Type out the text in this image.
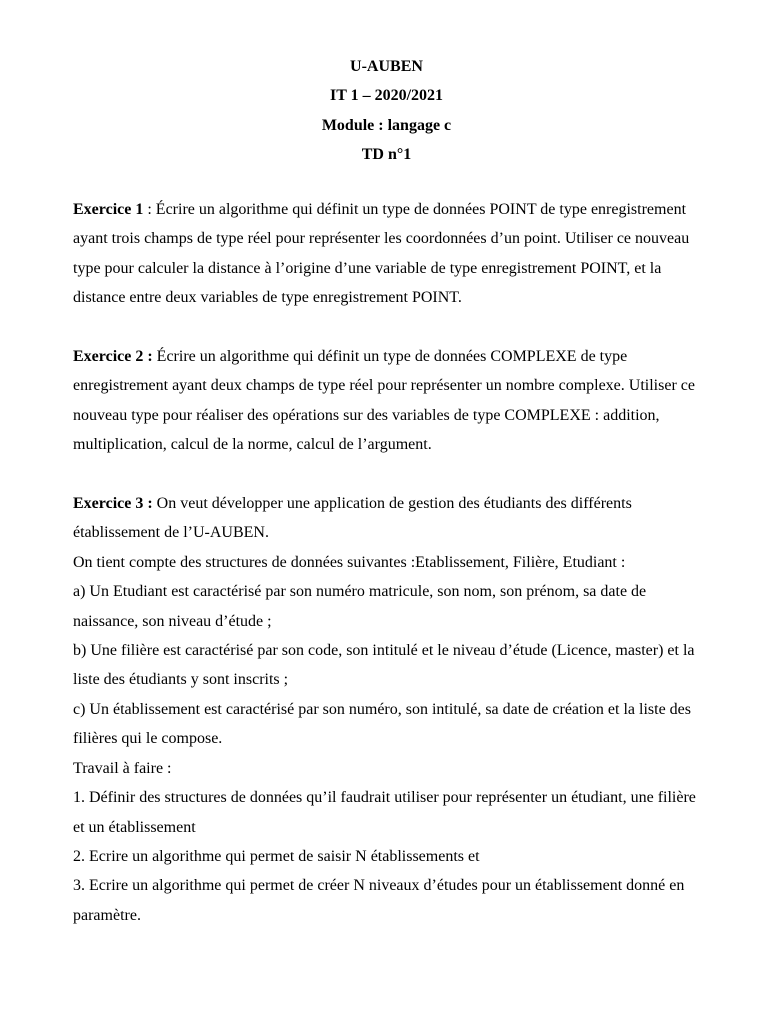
U-AUBEN
IT 1 – 2020/2021
Module : langage c
TD n°1

Exercice 1 : Écrire un algorithme qui définit un type de données POINT de type enregistrement ayant trois champs de type réel pour représenter les coordonnées d’un point. Utiliser ce nouveau type pour calculer la distance à l’origine d’une variable de type enregistrement POINT, et la distance entre deux variables de type enregistrement POINT.

Exercice 2 : Écrire un algorithme qui définit un type de données COMPLEXE de type enregistrement ayant deux champs de type réel pour représenter un nombre complexe. Utiliser ce nouveau type pour réaliser des opérations sur des variables de type COMPLEXE : addition, multiplication, calcul de la norme, calcul de l’argument.

Exercice 3 : On veut développer une application de gestion des étudiants des différents établissement de l’U-AUBEN.

On tient compte des structures de données suivantes :Etablissement, Filière, Etudiant :

a) Un Etudiant est caractérisé par son numéro matricule, son nom, son prénom, sa date de naissance, son niveau d’étude ;

b) Une filière est caractérisé par son code, son intitulé et le niveau d’étude (Licence, master) et la liste des étudiants y sont inscrits ;

c) Un établissement est caractérisé par son numéro, son intitulé, sa date de création et la liste des filières qui le compose.

Travail à faire :

1. Définir des structures de données qu’il faudrait utiliser pour représenter un étudiant, une filière et un établissement

2. Ecrire un algorithme qui permet de saisir N établissements et

3. Ecrire un algorithme qui permet de créer N niveaux d’études pour un établissement donné en paramètre.
